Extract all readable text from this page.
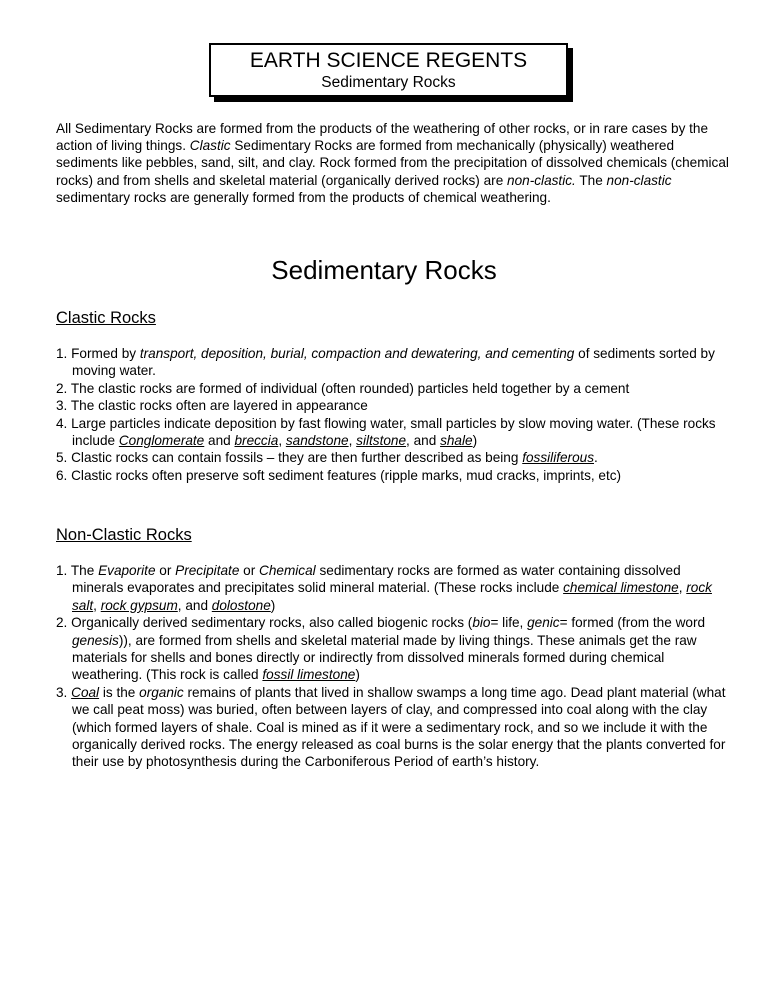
EARTH SCIENCE REGENTS
Sedimentary Rocks
All Sedimentary Rocks are formed from the products of the weathering of other rocks, or in rare cases by the action of living things. Clastic Sedimentary Rocks are formed from mechanically (physically) weathered sediments like pebbles, sand, silt, and clay. Rock formed from the precipitation of dissolved chemicals (chemical rocks) and from shells and skeletal material (organically derived rocks) are non-clastic. The non-clastic sedimentary rocks are generally formed from the products of chemical weathering.
Sedimentary Rocks
Clastic Rocks
1. Formed by transport, deposition, burial, compaction and dewatering, and cementing of sediments sorted by moving water.
2. The clastic rocks are formed of individual (often rounded) particles held together by a cement
3. The clastic rocks often are layered in appearance
4. Large particles indicate deposition by fast flowing water, small particles by slow moving water. (These rocks include Conglomerate and breccia, sandstone, siltstone, and shale)
5. Clastic rocks can contain fossils – they are then further described as being fossiliferous.
6. Clastic rocks often preserve soft sediment features (ripple marks, mud cracks, imprints, etc)
Non-Clastic Rocks
1. The Evaporite or Precipitate or Chemical sedimentary rocks are formed as water containing dissolved minerals evaporates and precipitates solid mineral material. (These rocks include chemical limestone, rock salt, rock gypsum, and dolostone)
2. Organically derived sedimentary rocks, also called biogenic rocks (bio= life, genic= formed (from the word genesis)), are formed from shells and skeletal material made by living things. These animals get the raw materials for shells and bones directly or indirectly from dissolved minerals formed during chemical weathering. (This rock is called fossil limestone)
3. Coal is the organic remains of plants that lived in shallow swamps a long time ago. Dead plant material (what we call peat moss) was buried, often between layers of clay, and compressed into coal along with the clay (which formed layers of shale. Coal is mined as if it were a sedimentary rock, and so we include it with the organically derived rocks. The energy released as coal burns is the solar energy that the plants converted for their use by photosynthesis during the Carboniferous Period of earth’s history.
